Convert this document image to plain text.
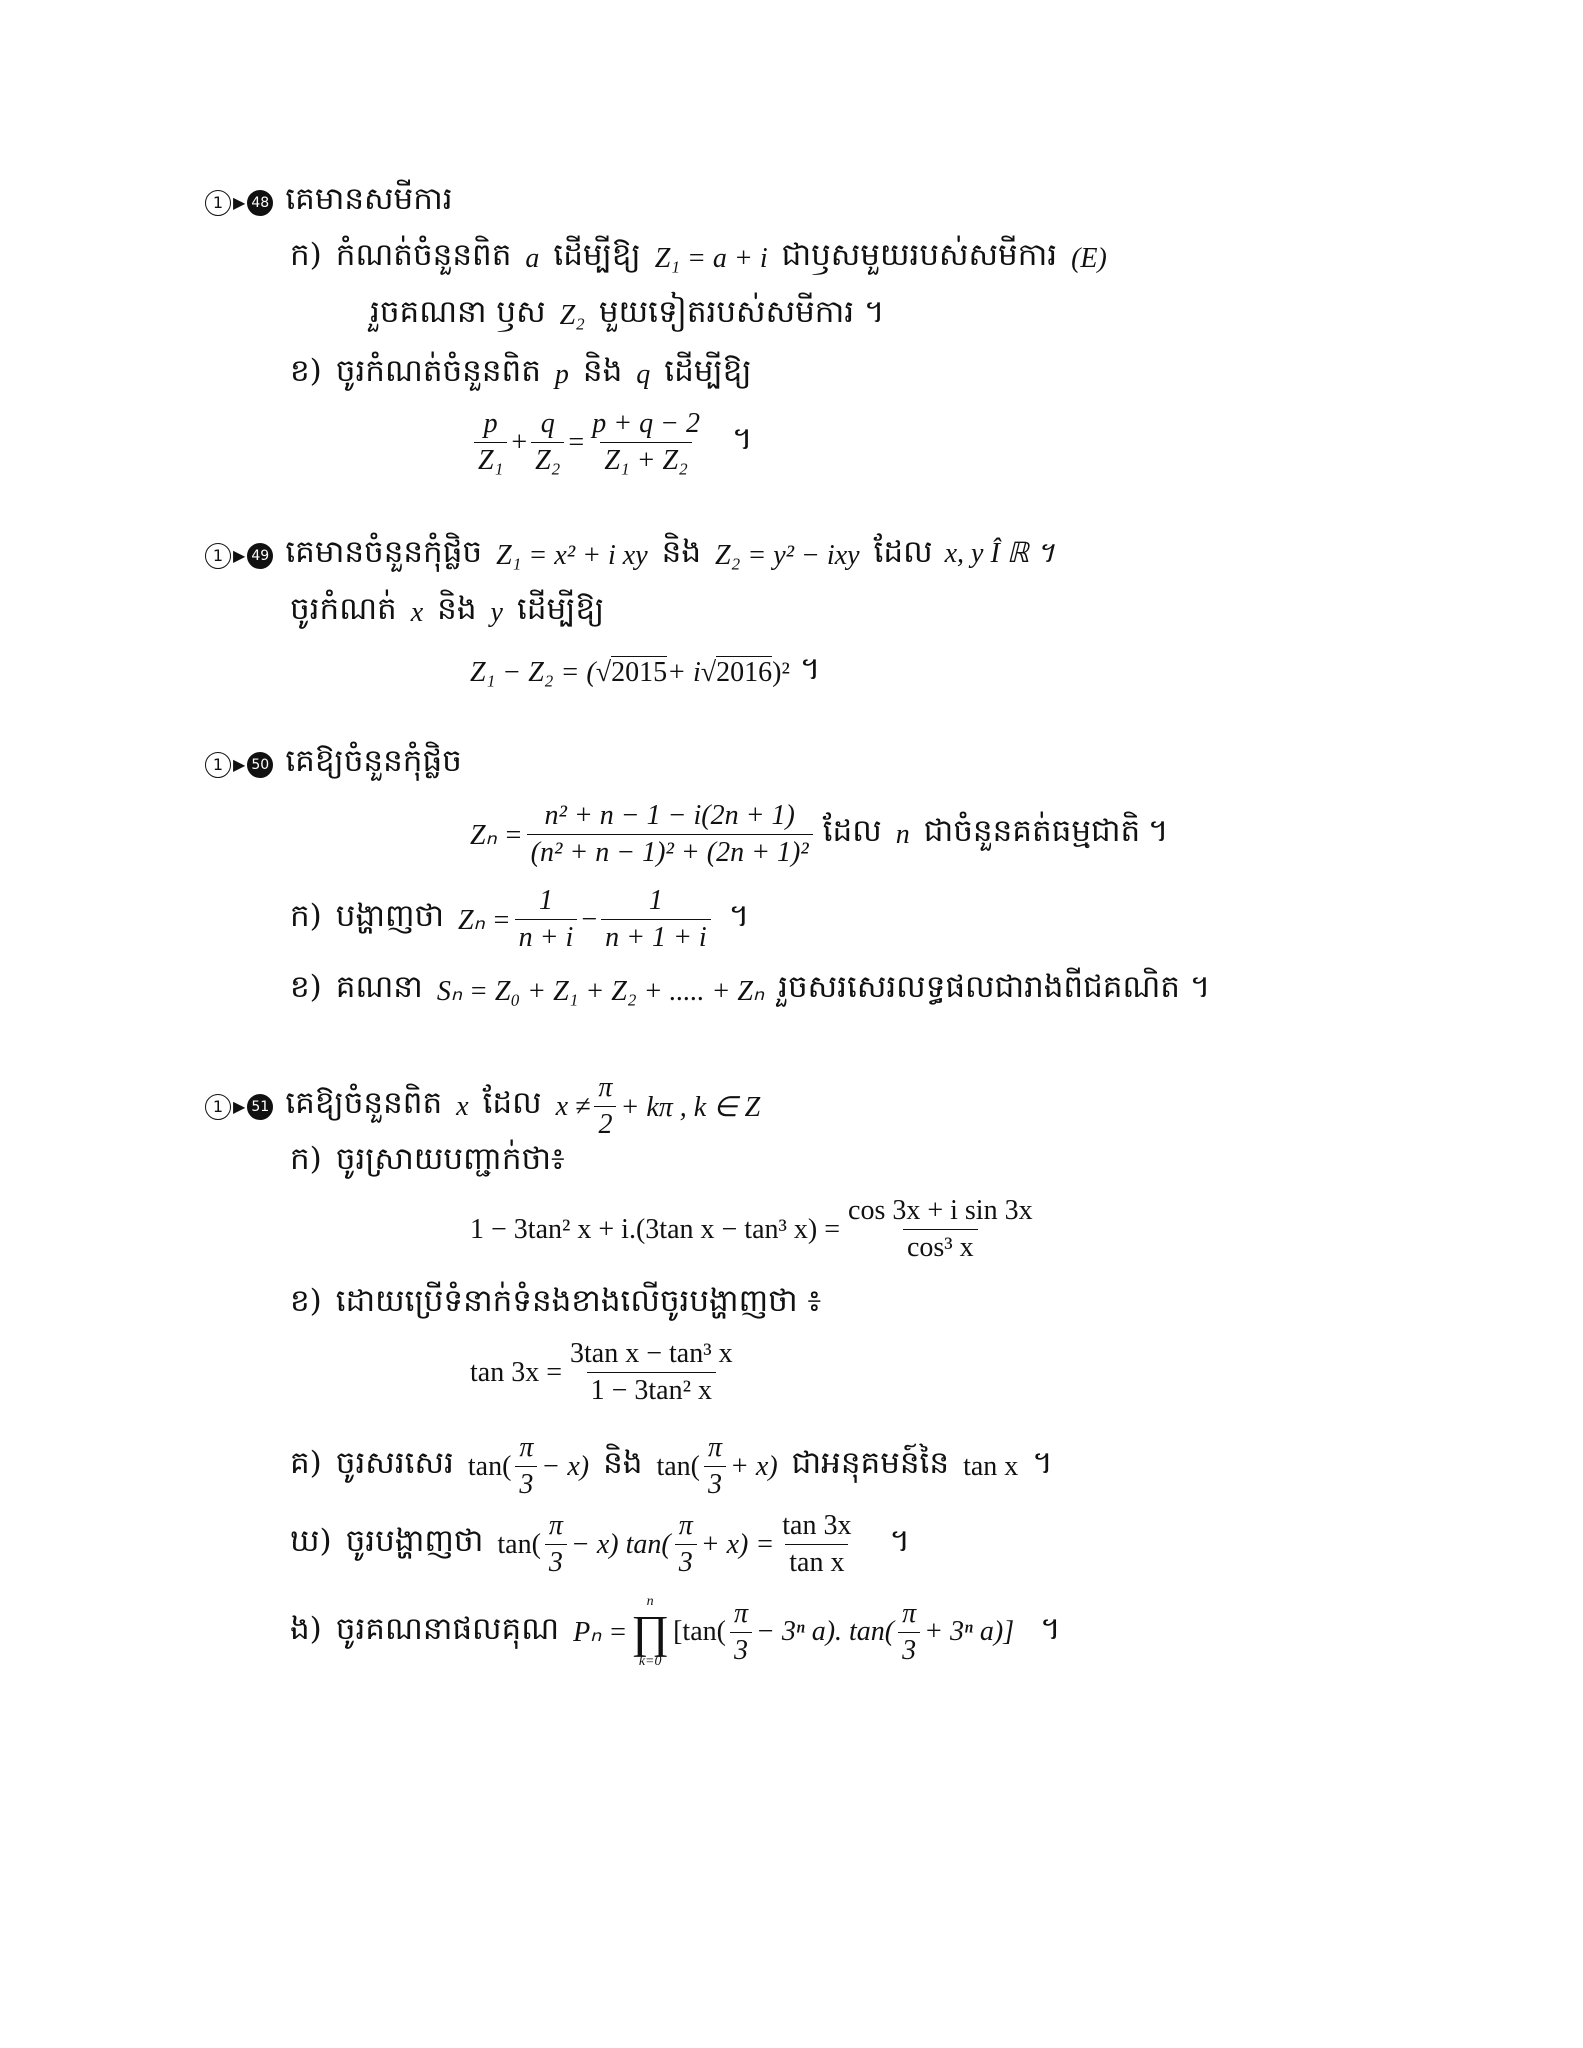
1 ▶ 48 គេមានសមីការ
ក) កំណត់ចំនួនពិត a ដើម្បីឱ្យ Z₁ = a + i ជាឫសមួយរបស់សមីការ (E)
រួចគណនា ឫស Z₂ មួយទៀតរបស់សមីការ ។
ខ) ចូរកំណត់ចំនួនពិត p និង q ដើម្បីឱ្យ
$\frac{p}{\text{Z₁}} + \frac{q}{\text{Z₂}} = \frac{p + q - 2}{\text{Z₁ + Z₂}}$ ។
1 ▶ 49 គេមានចំនួនកុំផ្លិច Z₁ = x² + i xy និង Z₂ = y² − ixy ដែល x, y Î ℝ ។
ចូរកំណត់ x និង y ដើម្បីឱ្យ
Z₁ − Z₂ = ( √2015 + i √2016 )² ។
1 ▶ 50 គេឱ្យចំនួនកុំផ្លិច
$Z_n = \frac{\text{n² + n − 1 − i(2n + 1)}}{\text{(n² + n − 1)² + (2n + 1)²}}$ ដែល n ជាចំនួនគត់ធម្មជាតិ ។
ក) បង្ហាញថា $Z_n = \frac{1}{n + i} - \frac{1}{n + 1 + i}$ ។
ខ) គណនា Sₙ = Z₀ + Z₁ + Z₂ + ..... + Zₙ រួចសរសេរលទ្ធផលជារាងពីជគណិត ។
1 ▶ 51 គេឱ្យចំនួនពិត x ដែល $x \ne \frac{\pi}{2} + k\pi$ , k ∈ Z
ក) ចូរស្រាយបញ្ជាក់ថា៖
1 − 3tan² x + i.(3tan x − tan³ $x) = \frac{\text{cos 3x + i sin 3x}}{\text{cos³ x}}$
ខ) ដោយប្រើទំនាក់ទំនងខាងលើចូរបង្ហាញថា ៖
$\tan 3x = \frac{\text{3tan x − tan³ x}}{\text{1 − 3tan² x}}$
គ) ចូរសរសេរ $\tan( \frac{\pi}{3} - x)$ និង $\tan( \frac{\pi}{3} + x)$ ជាអនុគមន៍នៃ tan x ។
ឃ) ចូរបង្ហាញថា $\tan( \frac{\pi}{3} - x)$ $\tan( \frac{\pi}{3} + x) = \frac{\tan 3x}{\text{tan x}}$ ។
ង) ចូរគណនាផលគុណ Pₙ =
n
∏
k=0
[$\tan( \frac{\pi}{3} - 3^n$ a). $\tan( \frac{\pi}{3} + 3^n$ a)] ។
